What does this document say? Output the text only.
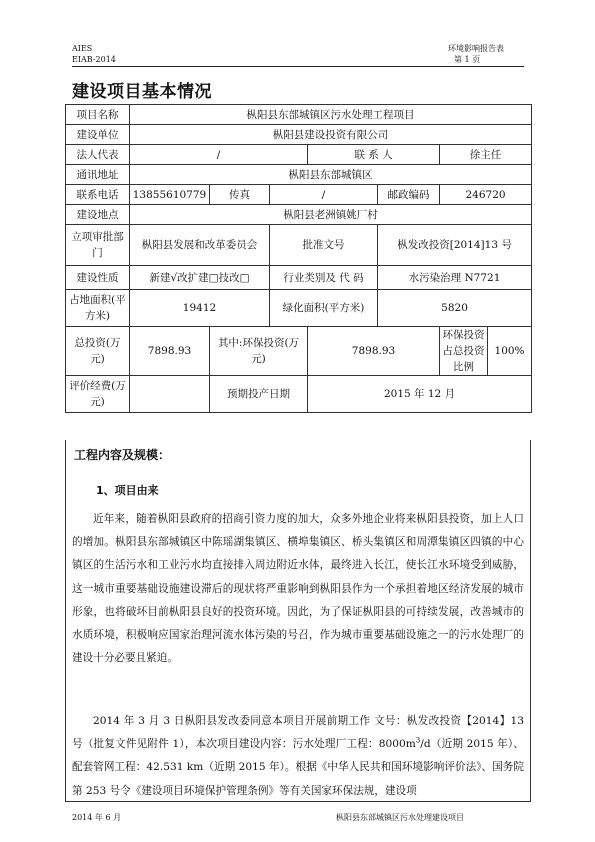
AIES
EIAB-2014
环境影响报告表
第 1 页
建设项目基本情况
项目名称	枞阳县东部城镇区污水处理工程项目						
建设单位	枞阳县建设投资有限公司						
法人代表	/			联 系 人		徐主任	
通讯地址	枞阳县东部城镇区						
联系电话	13855610779	传真	/		邮政编码	246720	
建设地点	枞阳县老洲镇姚厂村						
立项审批部门	枞阳县发展和改革委员会		批准文号		枞发改投资[2014]13 号		
建设性质	新建√改扩建□技改□		行业类别及 代 码		水污染治理 N7721		
占地面积(平方米)	19412		绿化面积(平方米)		5820		
总投资(万元)	7898.93	其中:环保投资(万元)		7898.93		环保投资占总投资比例	100%
评价经费(万元)		预期投产日期		2015 年 12 月			
工程内容及规模：
1、项目由来

近年来，随着枞阳县政府的招商引资力度的加大，众多外地企业将来枞阳县投资，加上人口的增加。枞阳县东部城镇区中陈瑶湖集镇区、横埠集镇区、桥头集镇区和周潭集镇区四镇的中心镇区的生活污水和工业污水均直接排入周边附近水体，最终进入长江，使长江水环境受到威胁，这一城市重要基础设施建设滞后的现状将严重影响到枞阳县作为一个承担着地区经济发展的城市形象，也将破坏目前枞阳县良好的投资环境。因此，为了保证枞阳县的可持续发展，改善城市的水质环境，积极响应国家治理河流水体污染的号召，作为城市重要基础设施之一的污水处理厂的建设十分必要且紧迫。

2014 年 3 月 3 日枞阳县发改委同意本项目开展前期工作 文号：枞发改投资【2014】13 号（批复文件见附件 1），本次项目建设内容：污水处理厂工程：$8000m^3/d$（近期 2015 年）、配套管网工程：42.531 km（近期 2015 年）。根据《中华人民共和国环境影响评价法》、国务院第 253 号令《建设项目环境保护管理条例》等有关国家环保法规，建设项

2014 年 6 月	枞阳县东部城镇区污水处理建设项目
